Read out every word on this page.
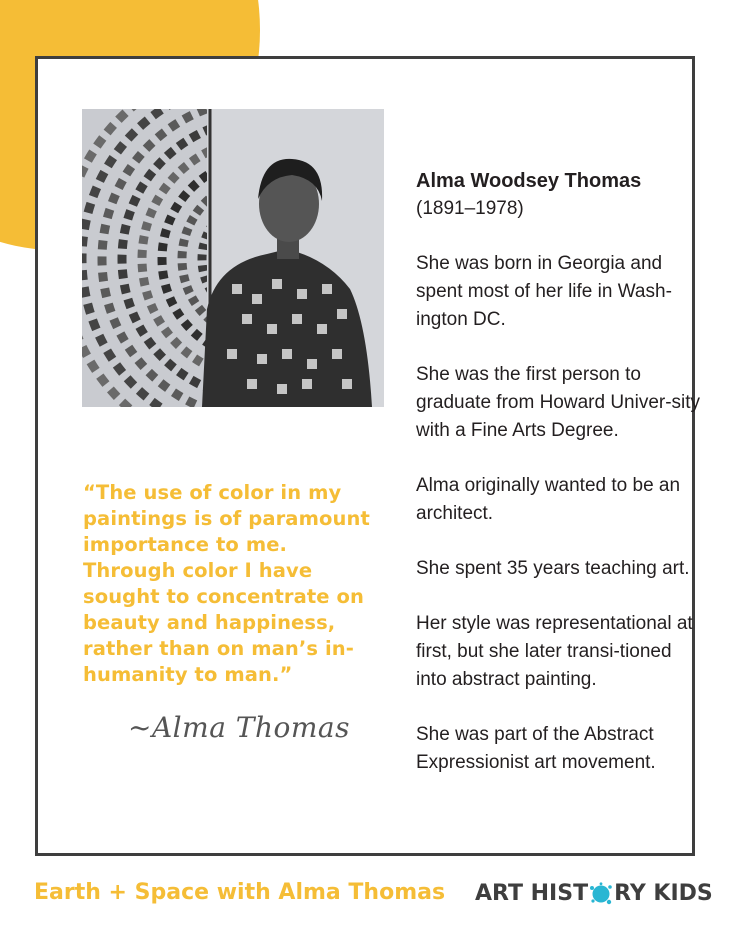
Alma Woodsey Thomas
(1891–1978)

She was born in Georgia and spent most of her life in Wash-ington DC.

She was the first person to graduate from Howard Univer-sity with a Fine Arts Degree.

Alma originally wanted to be an architect.

She spent 35 years teaching art.

Her style was representational at first, but she later transi-tioned into abstract painting.

She was part of the Abstract Expressionist art movement.

“The use of color in my paintings is of paramount importance to me. Through color I have sought to concentrate on beauty and happiness, rather than on man’s in-humanity to man.”
~Alma Thomas
Earth + Space with Alma Thomas ART HIST RY KIDS
